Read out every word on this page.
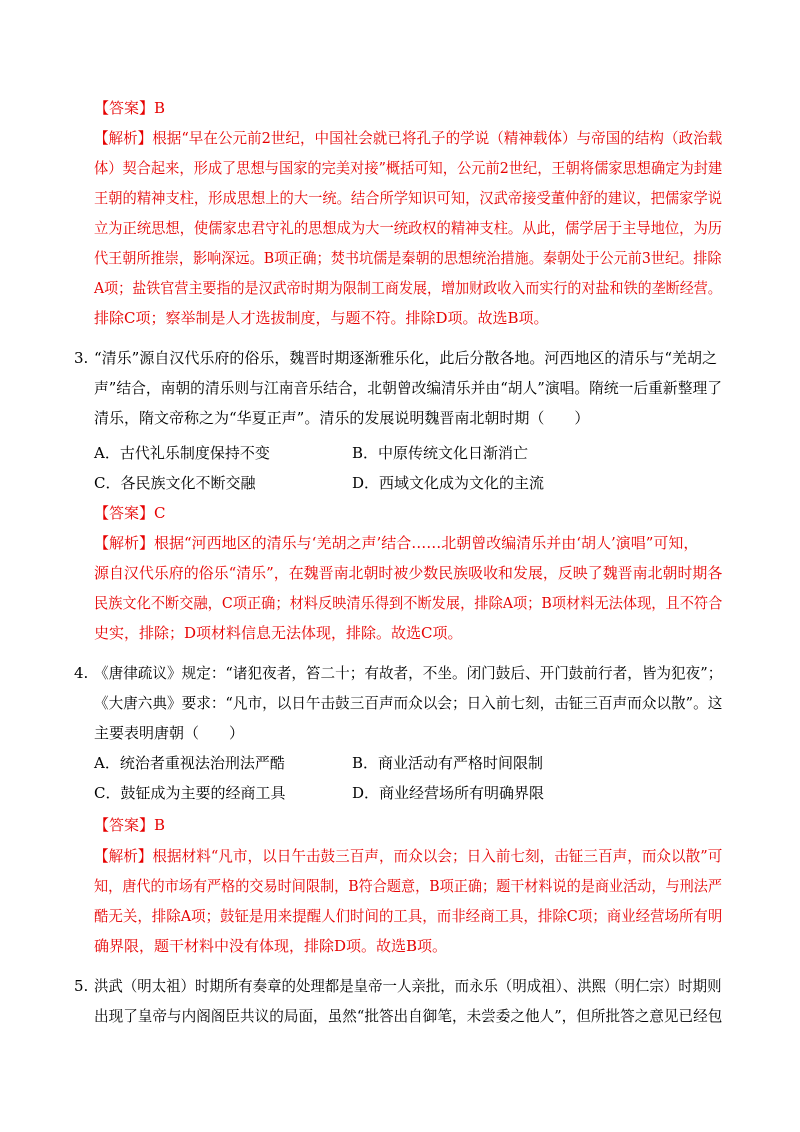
【答案】B
【解析】根据“早在公元前2世纪，中国社会就已将孔子的学说（精神载体）与帝国的结构（政治载
体）契合起来，形成了思想与国家的完美对接”概括可知，公元前2世纪，王朝将儒家思想确定为封建
王朝的精神支柱，形成思想上的大一统。结合所学知识可知，汉武帝接受董仲舒的建议，把儒家学说
立为正统思想，使儒家忠君守礼的思想成为大一统政权的精神支柱。从此，儒学居于主导地位，为历
代王朝所推崇，影响深远。B项正确；焚书坑儒是秦朝的思想统治措施。秦朝处于公元前3世纪。排除
A项；盐铁官营主要指的是汉武帝时期为限制工商发展，增加财政收入而实行的对盐和铁的垄断经营。
排除C项；察举制是人才选拔制度，与题不符。排除D项。故选B项。
3. “清乐”源自汉代乐府的俗乐，魏晋时期逐渐雅乐化，此后分散各地。河西地区的清乐与“羌胡之
声”结合，南朝的清乐则与江南音乐结合，北朝曾改编清乐并由“胡人”演唱。隋统一后重新整理了
清乐，隋文帝称之为“华夏正声”。清乐的发展说明魏晋南北朝时期（　　）
A．古代礼乐制度保持不变	B．中原传统文化日渐消亡
C．各民族文化不断交融	D．西域文化成为文化的主流
【答案】C
【解析】根据“河西地区的清乐与‘羌胡之声’结合……北朝曾改编清乐并由‘胡人’演唱”可知，
源自汉代乐府的俗乐“清乐”，在魏晋南北朝时被少数民族吸收和发展，反映了魏晋南北朝时期各
民族文化不断交融，C项正确；材料反映清乐得到不断发展，排除A项；B项材料无法体现，且不符合
史实，排除；D项材料信息无法体现，排除。故选C项。
4. 《唐律疏议》规定：“诸犯夜者，笞二十；有故者，不坐。闭门鼓后、开门鼓前行者，皆为犯夜”；
《大唐六典》要求：“凡市，以日午击鼓三百声而众以会；日入前七刻，击钲三百声而众以散”。这
主要表明唐朝（　　）
A．统治者重视法治刑法严酷	B．商业活动有严格时间限制
C．鼓钲成为主要的经商工具	D．商业经营场所有明确界限
【答案】B
【解析】根据材料“凡市，以日午击鼓三百声，而众以会；日入前七刻，击钲三百声，而众以散”可
知，唐代的市场有严格的交易时间限制，B符合题意，B项正确；题干材料说的是商业活动，与刑法严
酷无关，排除A项；鼓钲是用来提醒人们时间的工具，而非经商工具，排除C项；商业经营场所有明
确界限，题干材料中没有体现，排除D项。故选B项。
5. 洪武（明太祖）时期所有奏章的处理都是皇帝一人亲批，而永乐（明成祖）、洪熙（明仁宗）时期则
出现了皇帝与内阁阁臣共议的局面，虽然“批答出自御笔，未尝委之他人”，但所批答之意见已经包
